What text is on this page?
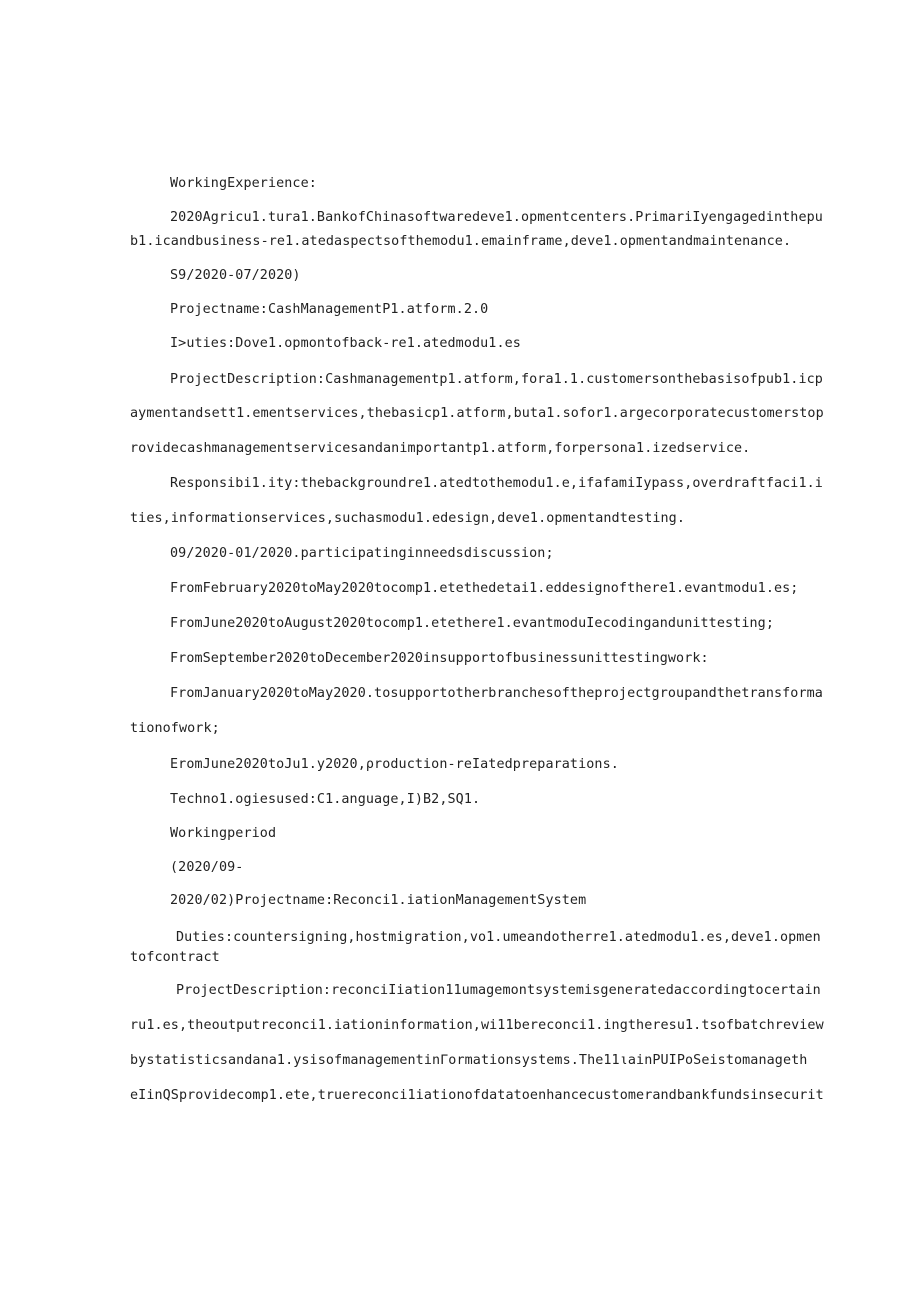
WorkingExperience:
2020Agricu1.tura1.BankofChinasoftwaredeve1.opmentcenters.PrimariIyengagedinthepu
b1.icandbusiness-re1.atedaspectsofthemodu1.emainframe,deve1.opmentandmaintenance.
S9/2020-07/2020)
Projectname:CashManagementP1.atform.2.0
I>uties:Dove1.opmontofback-re1.atedmodu1.es
ProjectDescription:Cashmanagementp1.atform,fora1.1.customersonthebasisofpub1.icp
aymentandsett1.ementservices,thebasicp1.atform,buta1.sofor1.argecorporatecustomerstop
rovidecashmanagementservicesandanimportantp1.atform,forpersona1.izedservice.
Responsibi1.ity:thebackgroundre1.atedtothemodu1.e,ifafamiIypass,overdraftfaci1.i
ties,informationservices,suchasmodu1.edesign,deve1.opmentandtesting.
09/2020-01/2020.participatinginneedsdiscussion;
FromFebruary2020toMay2020tocomp1.etethedetai1.eddesignofthere1.evantmodu1.es;
FromJune2020toAugust2020tocomp1.etethere1.evantmoduIecodingandunittesting;
FromSeptember2020toDecember2020insupportofbusinessunittestingwork:
FromJanuary2020toMay2020.tosupportotherbranchesoftheprojectgroupandthetransforma
tionofwork;
EromJune2020toJu1.y2020,ρroduction-reIatedpreparations.
Techno1.ogiesused:C1.anguage,I)B2,SQ1.
Workingperiod
(2020/09-
2020/02)Projectname:Reconci1.iationManagementSystem
Duties:countersigning,hostmigration,vo1.umeandotherre1.atedmodu1.es,deve1.opmen
tofcontract
ProjectDescription:reconciIiation11umagemontsystemisgeneratedaccordingtocertain
ru1.es,theoutputreconci1.iationinformation,wi11bereconci1.ingtheresu1.tsofbatchreview
bystatisticsandana1.ysisofmanagementinΓormationsystems.The11ιainPUIPoSeistomanageth
eIinQSprovidecomp1.ete,truereconci1iationofdatatoenhancecustomerandbankfundsinsecurit
